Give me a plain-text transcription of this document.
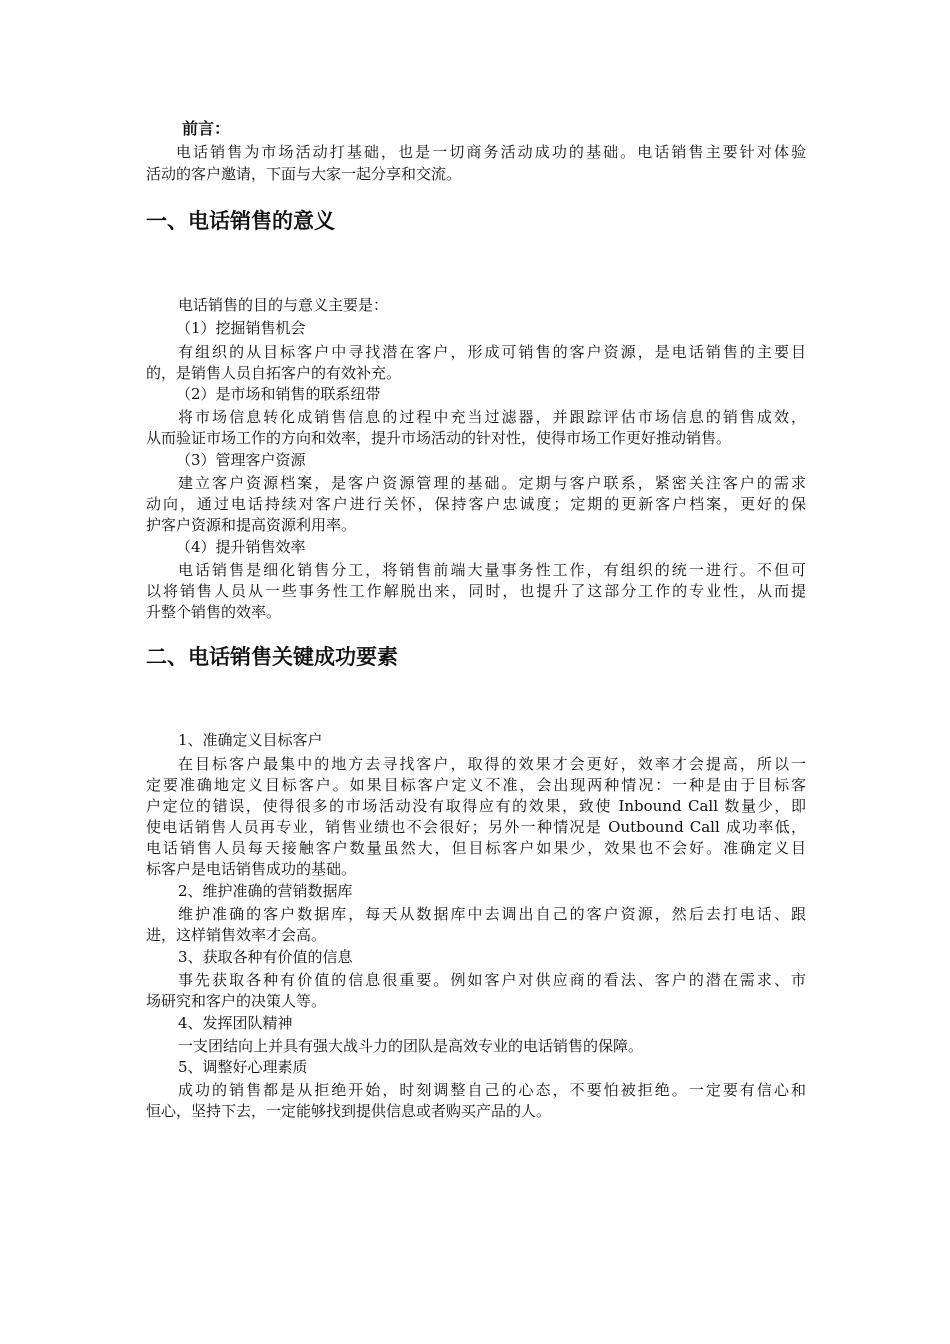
前言：
电话销售为市场活动打基础，也是一切商务活动成功的基础。电话销售主要针对体验
活动的客户邀请，下面与大家一起分享和交流。
一、电话销售的意义
电话销售的目的与意义主要是：
（1）挖掘销售机会
有组织的从目标客户中寻找潜在客户，形成可销售的客户资源，是电话销售的主要目
的，是销售人员自拓客户的有效补充。
（2）是市场和销售的联系纽带
将市场信息转化成销售信息的过程中充当过滤器，并跟踪评估市场信息的销售成效，
从而验证市场工作的方向和效率，提升市场活动的针对性，使得市场工作更好推动销售。
（3）管理客户资源
建立客户资源档案，是客户资源管理的基础。定期与客户联系，紧密关注客户的需求
动向，通过电话持续对客户进行关怀，保持客户忠诚度；定期的更新客户档案，更好的保
护客户资源和提高资源利用率。
（4）提升销售效率
电话销售是细化销售分工，将销售前端大量事务性工作，有组织的统一进行。不但可
以将销售人员从一些事务性工作解脱出来，同时，也提升了这部分工作的专业性，从而提
升整个销售的效率。
二、电话销售关键成功要素
1、准确定义目标客户
在目标客户最集中的地方去寻找客户，取得的效果才会更好，效率才会提高，所以一
定要准确地定义目标客户。如果目标客户定义不准，会出现两种情况：一种是由于目标客
户定位的错误，使得很多的市场活动没有取得应有的效果，致使 Inbound Call 数量少，即
使电话销售人员再专业，销售业绩也不会很好；另外一种情况是 Outbound Call 成功率低，
电话销售人员每天接触客户数量虽然大，但目标客户如果少，效果也不会好。准确定义目
标客户是电话销售成功的基础。
2、维护准确的营销数据库
维护准确的客户数据库，每天从数据库中去调出自己的客户资源，然后去打电话、跟
进，这样销售效率才会高。
3、获取各种有价值的信息
事先获取各种有价值的信息很重要。例如客户对供应商的看法、客户的潜在需求、市
场研究和客户的决策人等。
4、发挥团队精神
一支团结向上并具有强大战斗力的团队是高效专业的电话销售的保障。
5、调整好心理素质
成功的销售都是从拒绝开始，时刻调整自己的心态，不要怕被拒绝。一定要有信心和
恒心，坚持下去，一定能够找到提供信息或者购买产品的人。
